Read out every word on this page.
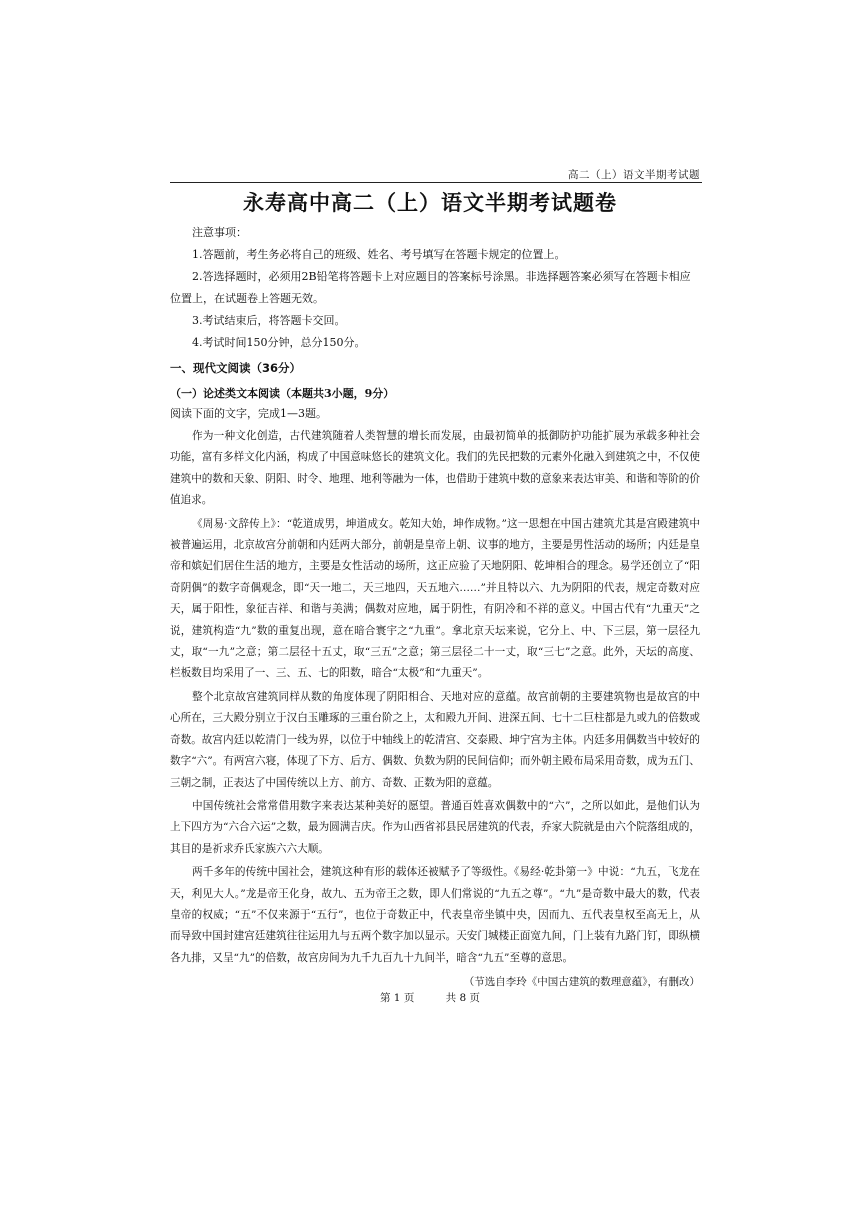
高二（上）语文半期考试题
永寿高中高二（上）语文半期考试题卷
注意事项：

1.答题前，考生务必将自己的班级、姓名、考号填写在答题卡规定的位置上。

2.答选择题时，必须用2B铅笔将答题卡上对应题目的答案标号涂黑。非选择题答案必须写在答题卡相应位置上，在试题卷上答题无效。

3.考试结束后，将答题卡交回。

4.考试时间150分钟，总分150分。

一、现代文阅读（36分）
（一）论述类文本阅读（本题共3小题，9分）
阅读下面的文字，完成1—3题。

作为一种文化创造，古代建筑随着人类智慧的增长而发展，由最初简单的抵御防护功能扩展为承载多种社会功能，富有多样文化内涵，构成了中国意味悠长的建筑文化。我们的先民把数的元素外化融入到建筑之中，不仅使建筑中的数和天象、阴阳、时令、地理、地利等融为一体，也借助于建筑中数的意象来表达审美、和谐和等阶的价值追求。

《周易·文辞传上》：“乾道成男，坤道成女。乾知大始，坤作成物。”这一思想在中国古建筑尤其是宫殿建筑中被普遍运用，北京故宫分前朝和内廷两大部分，前朝是皇帝上朝、议事的地方，主要是男性活动的场所；内廷是皇帝和嫔妃们居住生活的地方，主要是女性活动的场所，这正应验了天地阴阳、乾坤相合的理念。易学还创立了“阳奇阴偶”的数字奇偶观念，即“天一地二，天三地四，天五地六……”并且特以六、九为阴阳的代表，规定奇数对应天，属于阳性，象征吉祥、和谐与美满；偶数对应地，属于阴性，有阴冷和不祥的意义。中国古代有“九重天”之说，建筑构造“九”数的重复出现，意在暗合寰宇之“九重”。拿北京天坛来说，它分上、中、下三层，第一层径九丈，取“一九”之意；第二层径十五丈，取“三五”之意；第三层径二十一丈，取“三七”之意。此外，天坛的高度、栏板数目均采用了一、三、五、七的阳数，暗合“太极”和“九重天”。

整个北京故宫建筑同样从数的角度体现了阴阳相合、天地对应的意蕴。故宫前朝的主要建筑物也是故宫的中心所在，三大殿分别立于汉白玉雕琢的三重台阶之上，太和殿九开间、进深五间、七十二巨柱都是九或九的倍数或奇数。故宫内廷以乾清门一线为界，以位于中轴线上的乾清宫、交泰殿、坤宁宫为主体。内廷多用偶数当中较好的数字“六”。有两宫六寝，体现了下方、后方、偶数、负数为阴的民间信仰；而外朝主殿布局采用奇数，成为五门、三朝之制，正表达了中国传统以上方、前方、奇数、正数为阳的意蕴。

中国传统社会常常借用数字来表达某种美好的愿望。普通百姓喜欢偶数中的“六”，之所以如此，是他们认为上下四方为“六合六运”之数，最为圆满吉庆。作为山西省祁县民居建筑的代表，乔家大院就是由六个院落组成的，其目的是祈求乔氏家族六六大顺。

两千多年的传统中国社会，建筑这种有形的载体还被赋予了等级性。《易经·乾卦第一》中说：“九五，飞龙在天，利见大人。”龙是帝王化身，故九、五为帝王之数，即人们常说的“九五之尊”。“九”是奇数中最大的数，代表皇帝的权威；“五”不仅来源于“五行”，也位于奇数正中，代表皇帝坐镇中央，因而九、五代表皇权至高无上，从而导致中国封建宫廷建筑往往运用九与五两个数字加以显示。天安门城楼正面宽九间，门上装有九路门钉，即纵横各九排，又呈“九”的倍数，故宫房间为九千九百九十九间半，暗含“九五”至尊的意思。

（节选自李玲《中国古建筑的数理意蕴》，有删改）
第 1 页	共 8 页
